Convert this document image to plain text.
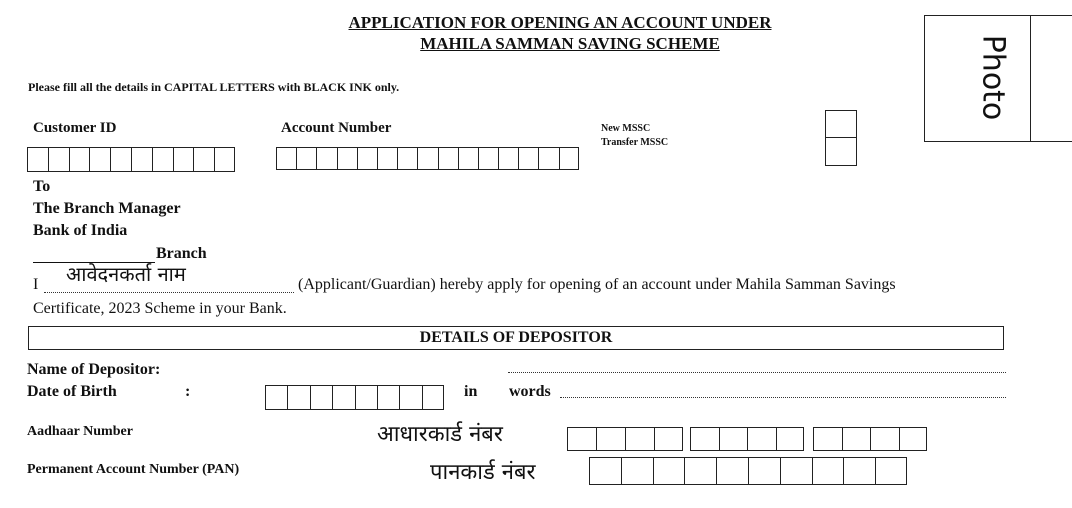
APPLICATION FOR OPENING AN ACCOUNT UNDER
MAHILA SAMMAN SAVING SCHEME	Photo
Please fill all the details in CAPITAL LETTERS with BLACK INK only.
Customer ID	Account Number	New MSSC
Transfer MSSC
To
The Branch Manager
Bank of India
Branch
I आवेदनकर्ता नाम	(Applicant/Guardian) hereby apply for opening of an account under Mahila Samman Savings
Certificate, 2023 Scheme in your Bank.
DETAILS OF DEPOSITOR
Name of Depositor:
Date of Birth	:	in words
Aadhaar Number	आधारकार्ड नंबर
Permanent Account Number (PAN)	पानकार्ड नंबर
